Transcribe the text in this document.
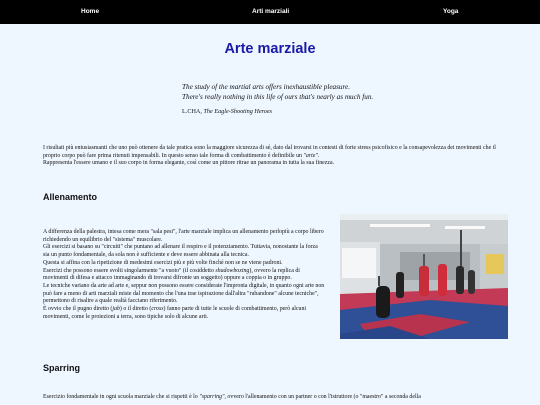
Home	Arti marziali	Yoga
Arte marziale
The study of the martial arts offers inexhaustible pleasure.
There's really nothing in this life of ours that's nearly as much fun.
L.CHA, The Eagle-Shooting Heroes
I risultati più entusiasmanti che uno può ottenere da tale pratica sono la maggiore sicurezza di sé, dato dal trovarsi in contesti di forte stress psicofisico e la consapevolezza dei movimenti che il proprio corpo può fare prima ritenuti impensabili. In questo senso tale forma di combattimento è definibile un "arte".
Rappresenta l'essere umano e il suo corpo in forma elegante, così come un pittore ritrae un panorama in tutta la sua finezza.
Allenamento
A differenza della palestra, intesa come mera "sala pesi", l'arte marziale implica un allenamento perlopiù a corpo libero richiedendo un equilibrio del "sistema" muscolare.
Gli esercizi si basano su "circuiti" che puntano ad allenare il respiro e il potenziamento. Tuttavia, nonostante la forza sia un punto fondamentale, da sola non è sufficiente e deve essere abbinata alla tecnica.
Questa si affina con la ripetizione di medesimi esercizi più e più volte finché non se ne viene padroni.
Esercizi che possono essere svolti singolarmente "a vuoto" (il cosiddetto shadowboxing), ovvero la replica di movimenti di difesa e attacco immaginando di trovarsi difronte un soggetto) oppure a coppia o in gruppo.
Le tecniche variano da arte ad arte e, seppur non possono essere considerate l'impronta digitale, in quanto ogni arte non può fare a meno di arti marziali miste dal momento che l'una trae ispirazione dall'altra "rubandone" alcune tecniche", permettono di risalire a quale realtà facciano riferimento.
È ovvio che il pugno diretto (jab) o il diretto (cross) fanno parte di tutte le scuole di combattimento, però alcuni movimenti, come le proiezioni a terra, sono tipiche solo di alcune arti.
Sparring
Esercizio fondamentale in ogni scuola marziale che si rispetti è lo "sparring", ovvero l'allenamento con un partner o con l'istruttore (o "maestro" a seconda della
